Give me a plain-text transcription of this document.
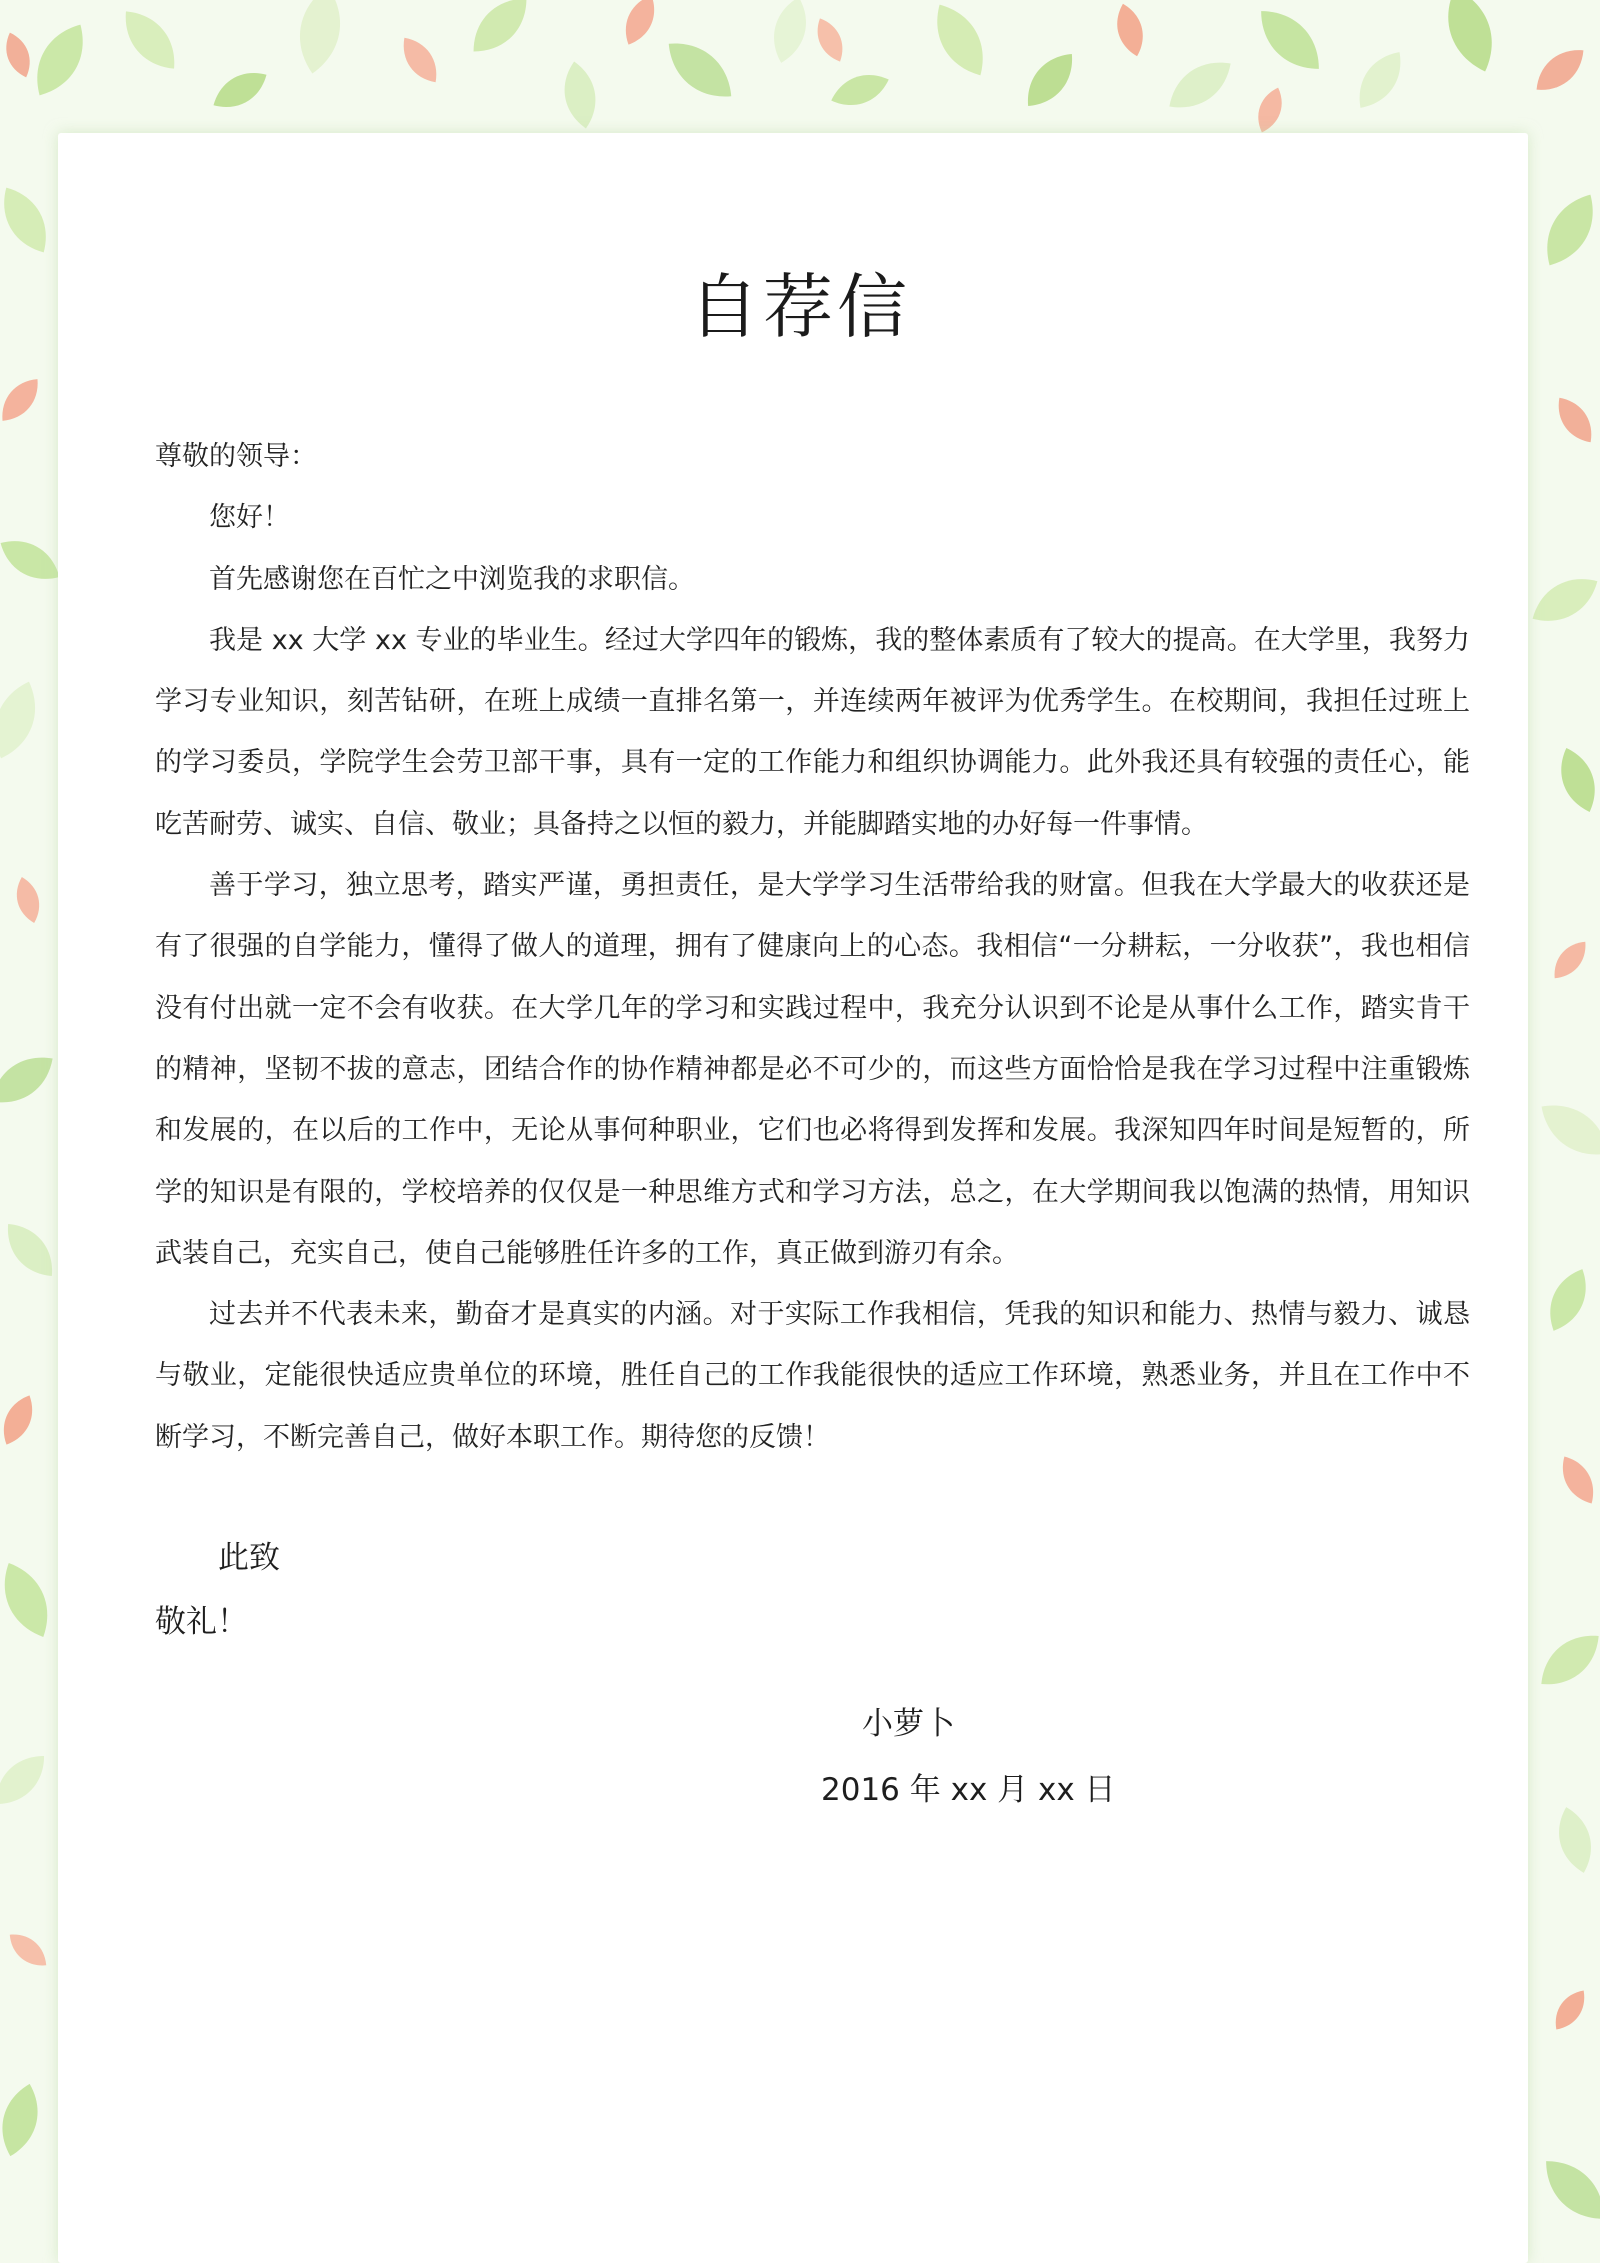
自荐信

尊敬的领导：

您好！

首先感谢您在百忙之中浏览我的求职信。

我是 xx 大学 xx 专业的毕业生。经过大学四年的锻炼，我的整体素质有了较大的提高。在大学里，我努力学习专业知识，刻苦钻研，在班上成绩一直排名第一，并连续两年被评为优秀学生。在校期间，我担任过班上的学习委员，学院学生会劳卫部干事，具有一定的工作能力和组织协调能力。此外我还具有较强的责任心，能吃苦耐劳、诚实、自信、敬业；具备持之以恒的毅力，并能脚踏实地的办好每一件事情。

善于学习，独立思考，踏实严谨，勇担责任，是大学学习生活带给我的财富。但我在大学最大的收获还是有了很强的自学能力，懂得了做人的道理，拥有了健康向上的心态。我相信“一分耕耘，一分收获”，我也相信没有付出就一定不会有收获。在大学几年的学习和实践过程中，我充分认识到不论是从事什么工作，踏实肯干的精神，坚韧不拔的意志，团结合作的协作精神都是必不可少的，而这些方面恰恰是我在学习过程中注重锻炼和发展的，在以后的工作中，无论从事何种职业，它们也必将得到发挥和发展。我深知四年时间是短暂的，所学的知识是有限的，学校培养的仅仅是一种思维方式和学习方法，总之，在大学期间我以饱满的热情，用知识武装自己，充实自己，使自己能够胜任许多的工作，真正做到游刃有余。

过去并不代表未来，勤奋才是真实的内涵。对于实际工作我相信，凭我的知识和能力、热情与毅力、诚恳与敬业，定能很快适应贵单位的环境，胜任自己的工作我能很快的适应工作环境，熟悉业务，并且在工作中不断学习，不断完善自己，做好本职工作。期待您的反馈！

此致
敬礼！
小萝卜
2016 年 xx 月 xx 日
